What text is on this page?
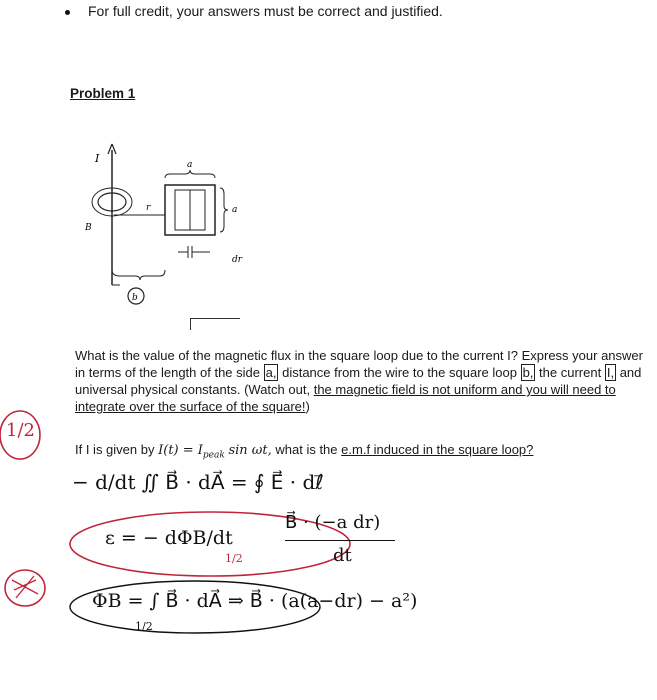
For full credit, your answers must be correct and justified.
Problem 1
I
B
r
a
a
dr
b
What is the value of the magnetic flux in the square loop due to the current I? Express your answer in terms of the length of the side a, distance from the wire to the square loop b, the current I, and universal physical constants. (Watch out, the magnetic field is not uniform and you will need to integrate over the surface of the square!)
If I is given by $I(t) = I_{peak}$ sin ωt, what is the e.m.f induced in the square loop?
− d/dt ∬ B⃗ · dA⃗ = ∮ E⃗ · dℓ⃗
ε = − dΦB/dt
B⃗ · (−a dr)
dt
1/2
ΦB = ∫ B⃗ · dA⃗ ⇒ B⃗ · (a(a−dr) − a²)
1/2
1/2
